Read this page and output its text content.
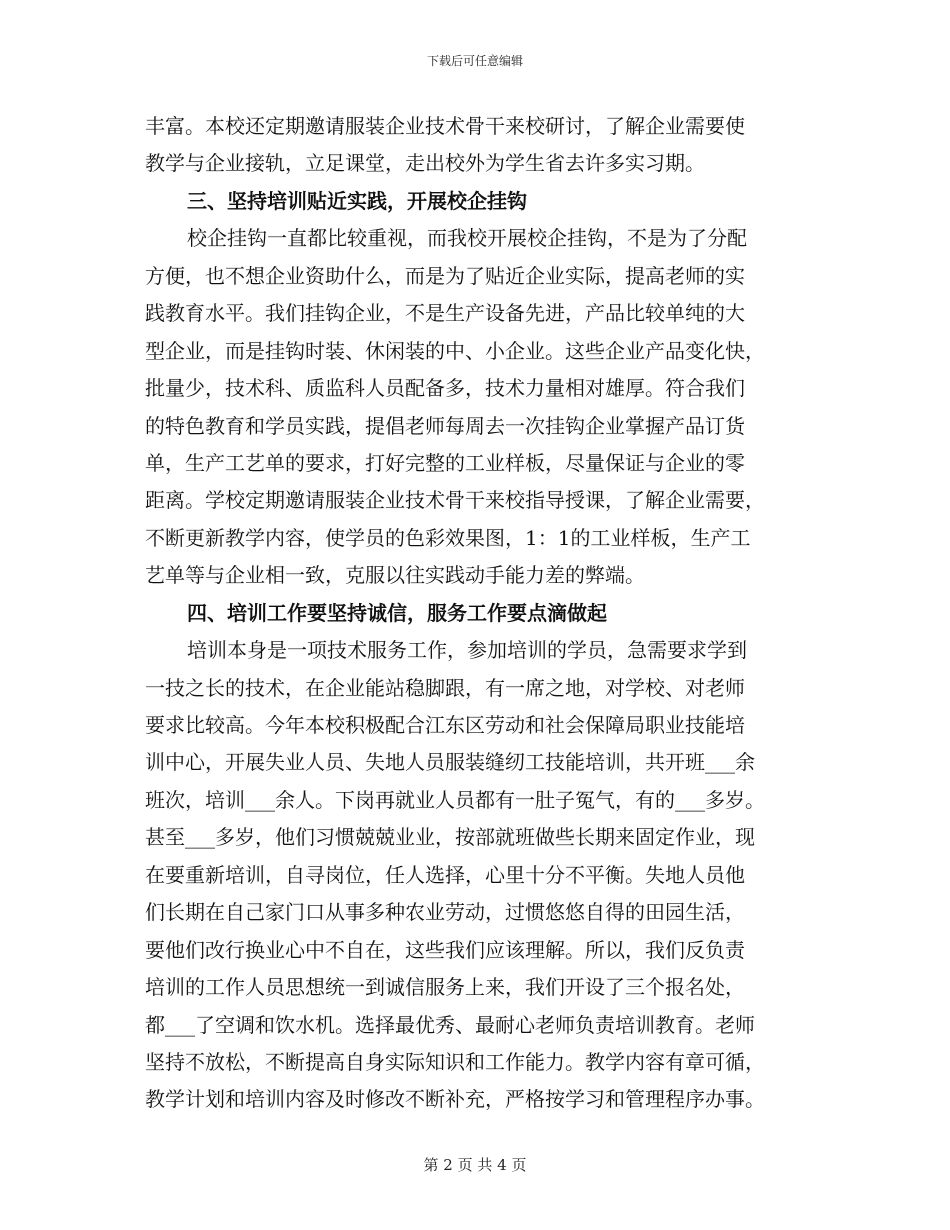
下载后可任意编辑
丰富。本校还定期邀请服装企业技术骨干来校研讨，了解企业需要使
教学与企业接轨，立足课堂，走出校外为学生省去许多实习期。
三、坚持培训贴近实践，开展校企挂钩
校企挂钩一直都比较重视，而我校开展校企挂钩，不是为了分配
方便，也不想企业资助什么，而是为了贴近企业实际，提高老师的实
践教育水平。我们挂钩企业，不是生产设备先进，产品比较单纯的大
型企业，而是挂钩时装、休闲装的中、小企业。这些企业产品变化快，
批量少，技术科、质监科人员配备多，技术力量相对雄厚。符合我们
的特色教育和学员实践，提倡老师每周去一次挂钩企业掌握产品订货
单，生产工艺单的要求，打好完整的工业样板，尽量保证与企业的零
距离。学校定期邀请服装企业技术骨干来校指导授课，了解企业需要，
不断更新教学内容，使学员的色彩效果图，1：1的工业样板，生产工
艺单等与企业相一致，克服以往实践动手能力差的弊端。
四、培训工作要坚持诚信，服务工作要点滴做起
培训本身是一项技术服务工作，参加培训的学员，急需要求学到
一技之长的技术，在企业能站稳脚跟，有一席之地，对学校、对老师
要求比较高。今年本校积极配合江东区劳动和社会保障局职业技能培
训中心，开展失业人员、失地人员服装缝纫工技能培训，共开班___余
班次，培训___余人。下岗再就业人员都有一肚子冤气，有的___多岁。
甚至___多岁，他们习惯兢兢业业，按部就班做些长期来固定作业，现
在要重新培训，自寻岗位，任人选择，心里十分不平衡。失地人员他
们长期在自己家门口从事多种农业劳动，过惯悠悠自得的田园生活，
要他们改行换业心中不自在，这些我们应该理解。所以，我们反负责
培训的工作人员思想统一到诚信服务上来，我们开设了三个报名处，
都___了空调和饮水机。选择最优秀、最耐心老师负责培训教育。老师
坚持不放松，不断提高自身实际知识和工作能力。教学内容有章可循，
教学计划和培训内容及时修改不断补充，严格按学习和管理程序办事。
第 2 页 共 4 页
